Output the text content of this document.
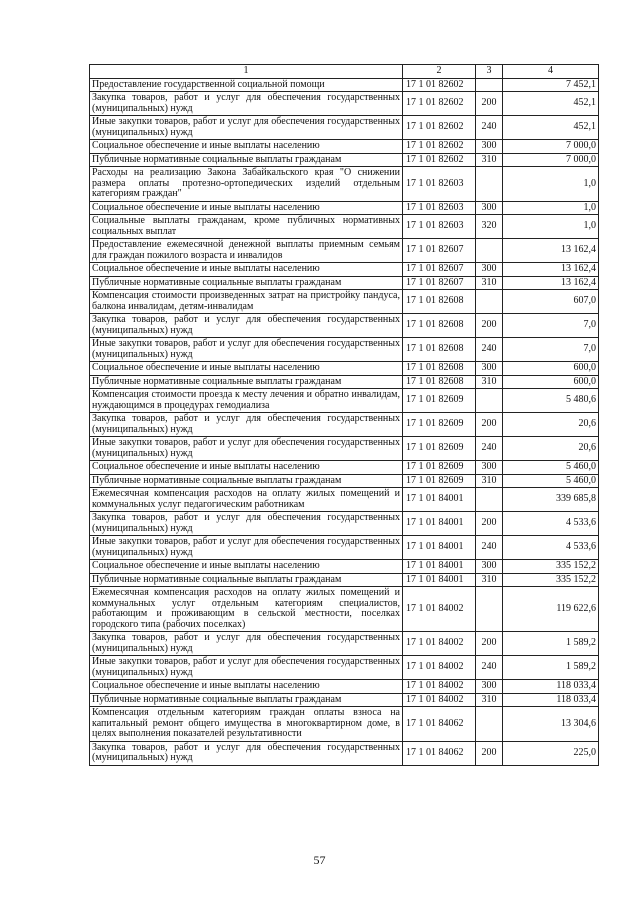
1	2	3	4
Предоставление государственной социальной помощи	17 1 01 82602		7 452,1
Закупка товаров, работ и услуг для обеспечения государственных (муниципальных) нужд	17 1 01 82602	200	452,1
Иные закупки товаров, работ и услуг для обеспечения государственных (муниципальных) нужд	17 1 01 82602	240	452,1
Социальное обеспечение и иные выплаты населению	17 1 01 82602	300	7 000,0
Публичные нормативные социальные выплаты гражданам	17 1 01 82602	310	7 000,0
Расходы на реализацию Закона Забайкальского края "О снижении размера оплаты протезно-ортопедических изделий отдельным категориям граждан"	17 1 01 82603		1,0
Социальное обеспечение и иные выплаты населению	17 1 01 82603	300	1,0
Социальные выплаты гражданам, кроме публичных нормативных социальных выплат	17 1 01 82603	320	1,0
Предоставление ежемесячной денежной выплаты приемным семьям для граждан пожилого возраста и инвалидов	17 1 01 82607		13 162,4
Социальное обеспечение и иные выплаты населению	17 1 01 82607	300	13 162,4
Публичные нормативные социальные выплаты гражданам	17 1 01 82607	310	13 162,4
Компенсация стоимости произведенных затрат на пристройку пандуса, балкона инвалидам, детям-инвалидам	17 1 01 82608		607,0
Закупка товаров, работ и услуг для обеспечения государственных (муниципальных) нужд	17 1 01 82608	200	7,0
Иные закупки товаров, работ и услуг для обеспечения государственных (муниципальных) нужд	17 1 01 82608	240	7,0
Социальное обеспечение и иные выплаты населению	17 1 01 82608	300	600,0
Публичные нормативные социальные выплаты гражданам	17 1 01 82608	310	600,0
Компенсация стоимости проезда к месту лечения и обратно инвалидам, нуждающимся в процедурах гемодиализа	17 1 01 82609		5 480,6
Закупка товаров, работ и услуг для обеспечения государственных (муниципальных) нужд	17 1 01 82609	200	20,6
Иные закупки товаров, работ и услуг для обеспечения государственных (муниципальных) нужд	17 1 01 82609	240	20,6
Социальное обеспечение и иные выплаты населению	17 1 01 82609	300	5 460,0
Публичные нормативные социальные выплаты гражданам	17 1 01 82609	310	5 460,0
Ежемесячная компенсация расходов на оплату жилых помещений и коммунальных услуг педагогическим работникам	17 1 01 84001		339 685,8
Закупка товаров, работ и услуг для обеспечения государственных (муниципальных) нужд	17 1 01 84001	200	4 533,6
Иные закупки товаров, работ и услуг для обеспечения государственных (муниципальных) нужд	17 1 01 84001	240	4 533,6
Социальное обеспечение и иные выплаты населению	17 1 01 84001	300	335 152,2
Публичные нормативные социальные выплаты гражданам	17 1 01 84001	310	335 152,2
Ежемесячная компенсация расходов на оплату жилых помещений и коммунальных услуг отдельным категориям специалистов, работающим и проживающим в сельской местности, поселках городского типа (рабочих поселках)	17 1 01 84002		119 622,6
Закупка товаров, работ и услуг для обеспечения государственных (муниципальных) нужд	17 1 01 84002	200	1 589,2
Иные закупки товаров, работ и услуг для обеспечения государственных (муниципальных) нужд	17 1 01 84002	240	1 589,2
Социальное обеспечение и иные выплаты населению	17 1 01 84002	300	118 033,4
Публичные нормативные социальные выплаты гражданам	17 1 01 84002	310	118 033,4
Компенсация отдельным категориям граждан оплаты взноса на капитальный ремонт общего имущества в многоквартирном доме, в целях выполнения показателей результативности	17 1 01 84062		13 304,6
Закупка товаров, работ и услуг для обеспечения государственных (муниципальных) нужд	17 1 01 84062	200	225,0
57
